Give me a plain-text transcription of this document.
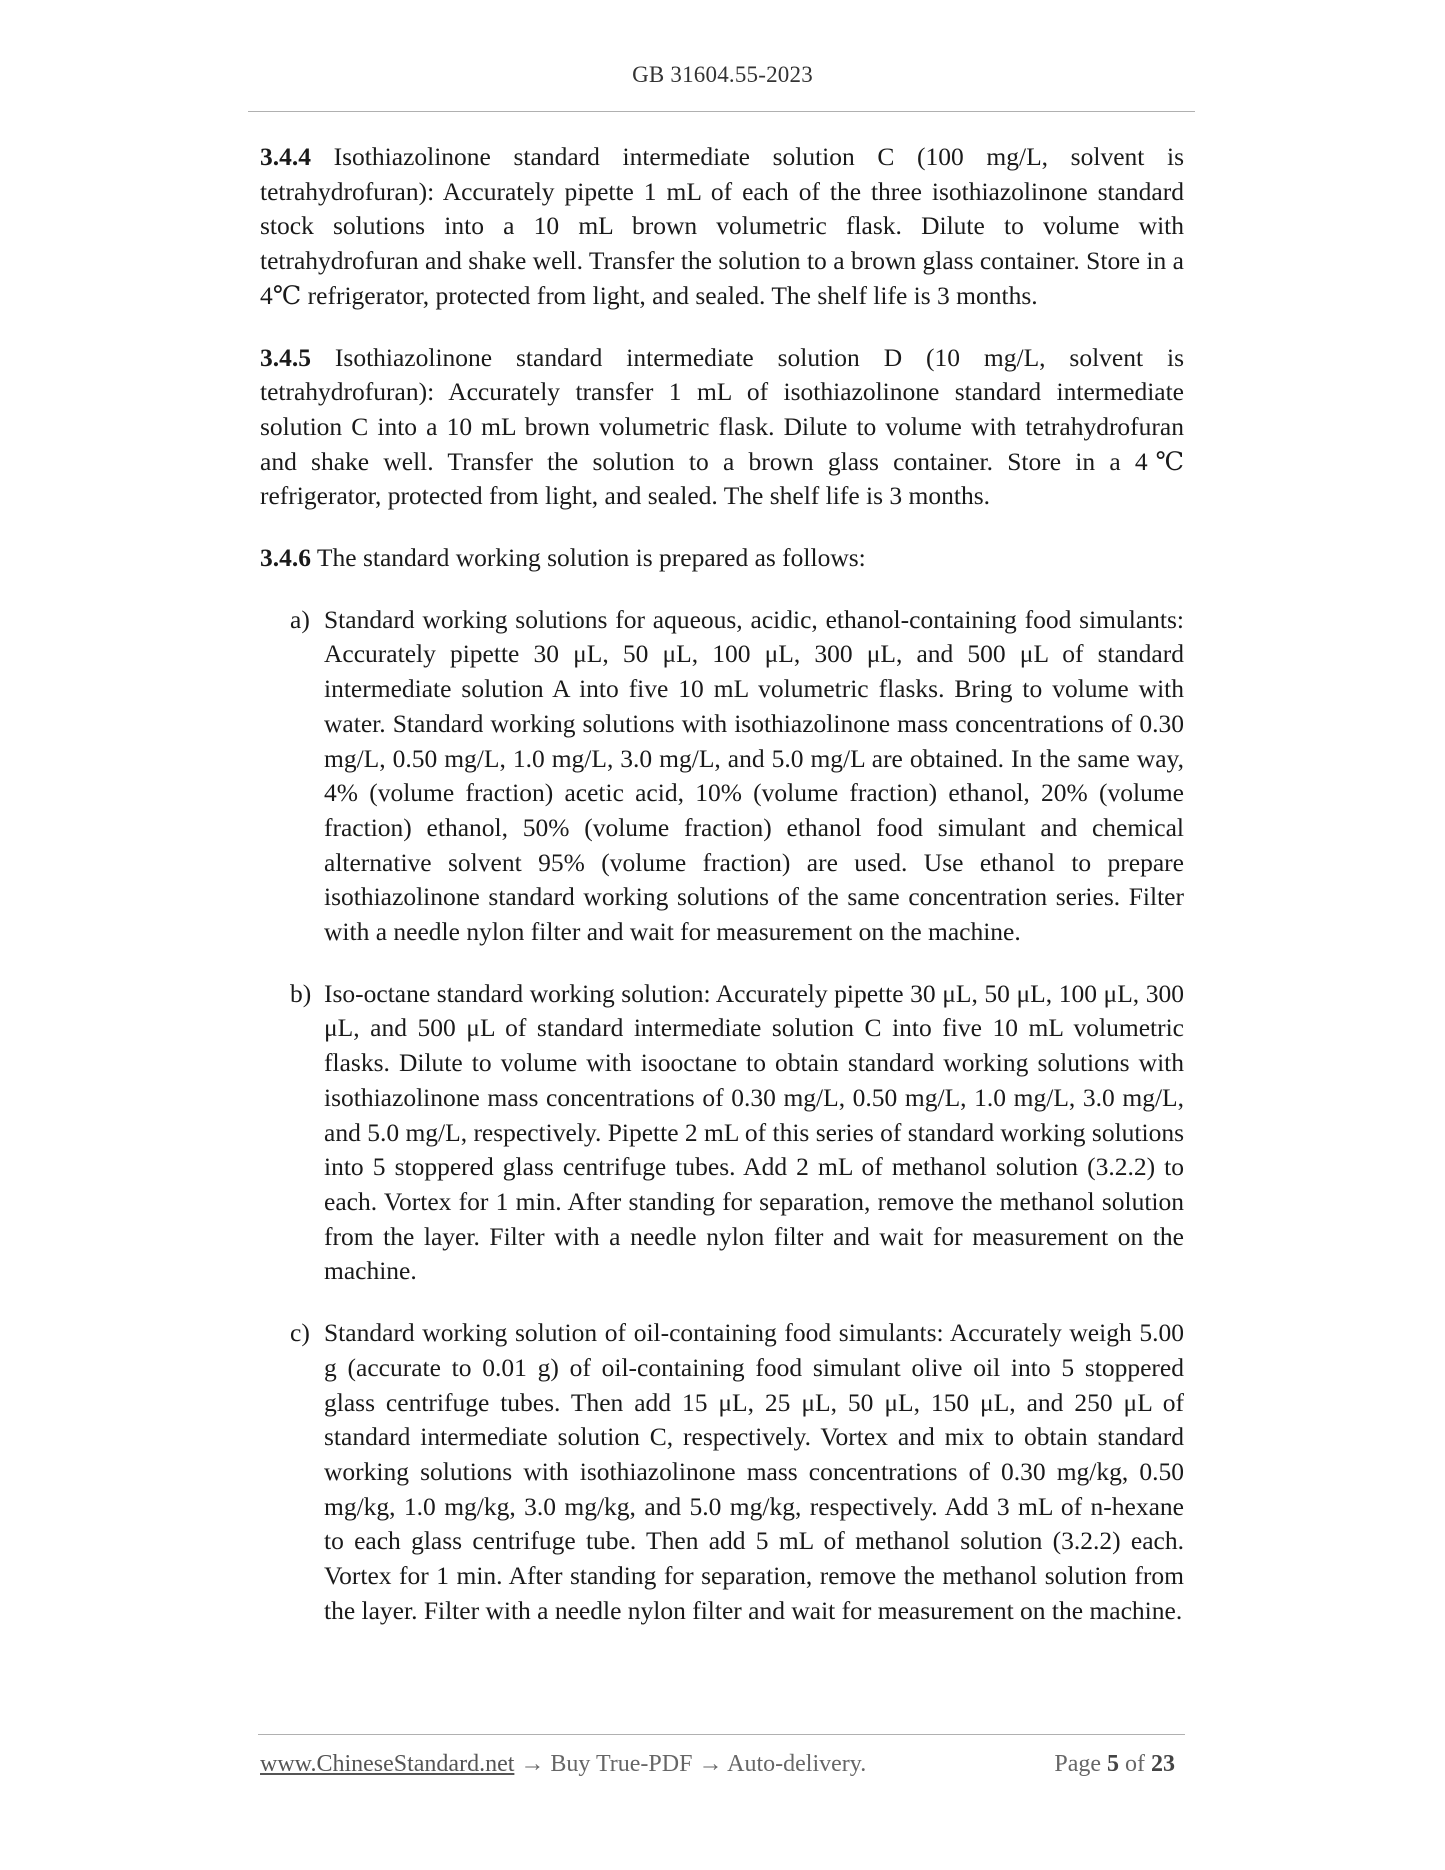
GB 31604.55-2023

3.4.4 Isothiazolinone standard intermediate solution C (100 mg/L, solvent is tetrahydrofuran): Accurately pipette 1 mL of each of the three isothiazolinone standard stock solutions into a 10 mL brown volumetric flask. Dilute to volume with tetrahydrofuran and shake well. Transfer the solution to a brown glass container. Store in a 4℃ refrigerator, protected from light, and sealed. The shelf life is 3 months.

3.4.5 Isothiazolinone standard intermediate solution D (10 mg/L, solvent is tetrahydrofuran): Accurately transfer 1 mL of isothiazolinone standard intermediate solution C into a 10 mL brown volumetric flask. Dilute to volume with tetrahydrofuran and shake well. Transfer the solution to a brown glass container. Store in a 4℃ refrigerator, protected from light, and sealed. The shelf life is 3 months.

3.4.6 The standard working solution is prepared as follows:

a) Standard working solutions for aqueous, acidic, ethanol-containing food simulants: Accurately pipette 30 μL, 50 μL, 100 μL, 300 μL, and 500 μL of standard intermediate solution A into five 10 mL volumetric flasks. Bring to volume with water. Standard working solutions with isothiazolinone mass concentrations of 0.30 mg/L, 0.50 mg/L, 1.0 mg/L, 3.0 mg/L, and 5.0 mg/L are obtained. In the same way, 4% (volume fraction) acetic acid, 10% (volume fraction) ethanol, 20% (volume fraction) ethanol, 50% (volume fraction) ethanol food simulant and chemical alternative solvent 95% (volume fraction) are used. Use ethanol to prepare isothiazolinone standard working solutions of the same concentration series. Filter with a needle nylon filter and wait for measurement on the machine.
b) Iso-octane standard working solution: Accurately pipette 30 μL, 50 μL, 100 μL, 300 μL, and 500 μL of standard intermediate solution C into five 10 mL volumetric flasks. Dilute to volume with isooctane to obtain standard working solutions with isothiazolinone mass concentrations of 0.30 mg/L, 0.50 mg/L, 1.0 mg/L, 3.0 mg/L, and 5.0 mg/L, respectively. Pipette 2 mL of this series of standard working solutions into 5 stoppered glass centrifuge tubes. Add 2 mL of methanol solution (3.2.2) to each. Vortex for 1 min. After standing for separation, remove the methanol solution from the layer. Filter with a needle nylon filter and wait for measurement on the machine.
c) Standard working solution of oil-containing food simulants: Accurately weigh 5.00 g (accurate to 0.01 g) of oil-containing food simulant olive oil into 5 stoppered glass centrifuge tubes. Then add 15 μL, 25 μL, 50 μL, 150 μL, and 250 μL of standard intermediate solution C, respectively. Vortex and mix to obtain standard working solutions with isothiazolinone mass concentrations of 0.30 mg/kg, 0.50 mg/kg, 1.0 mg/kg, 3.0 mg/kg, and 5.0 mg/kg, respectively. Add 3 mL of n-hexane to each glass centrifuge tube. Then add 5 mL of methanol solution (3.2.2) each. Vortex for 1 min. After standing for separation, remove the methanol solution from the layer. Filter with a needle nylon filter and wait for measurement on the machine.
www.ChineseStandard.net → Buy True-PDF → Auto-delivery.	Page 5 of 23
